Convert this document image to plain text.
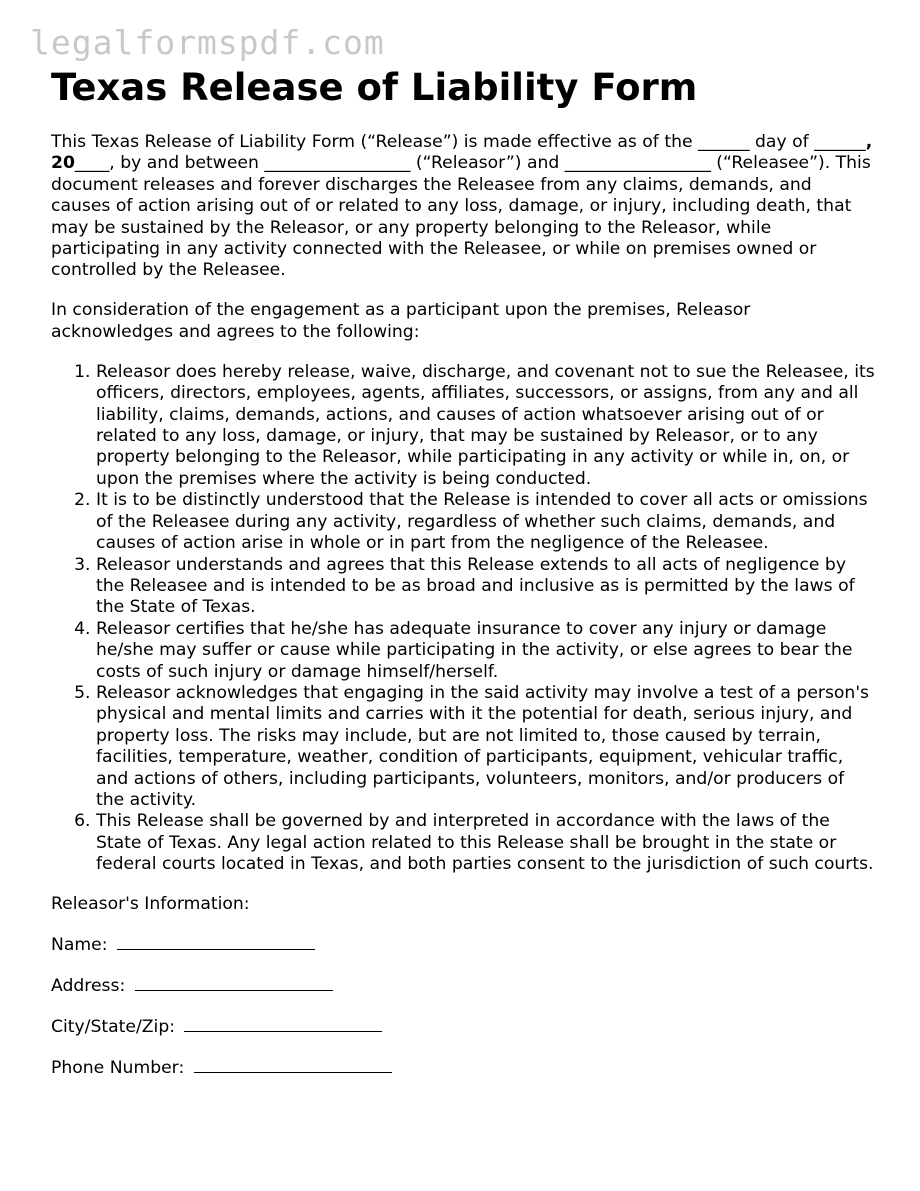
legalformspdf.com
Texas Release of Liability Form

This Texas Release of Liability Form (“Release”) is made effective as of the ______ day of ______, 20____, by and between _________________ (“Releasor”) and _________________ (“Releasee”). This document releases and forever discharges the Releasee from any claims, demands, and causes of action arising out of or related to any loss, damage, or injury, including death, that may be sustained by the Releasor, or any property belonging to the Releasor, while participating in any activity connected with the Releasee, or while on premises owned or controlled by the Releasee.

In consideration of the engagement as a participant upon the premises, Releasor acknowledges and agrees to the following:

1. Releasor does hereby release, waive, discharge, and covenant not to sue the Releasee, its officers, directors, employees, agents, affiliates, successors, or assigns, from any and all liability, claims, demands, actions, and causes of action whatsoever arising out of or related to any loss, damage, or injury, that may be sustained by Releasor, or to any property belonging to the Releasor, while participating in any activity or while in, on, or upon the premises where the activity is being conducted.
2. It is to be distinctly understood that the Release is intended to cover all acts or omissions of the Releasee during any activity, regardless of whether such claims, demands, and causes of action arise in whole or in part from the negligence of the Releasee.
3. Releasor understands and agrees that this Release extends to all acts of negligence by the Releasee and is intended to be as broad and inclusive as is permitted by the laws of the State of Texas.
4. Releasor certifies that he/she has adequate insurance to cover any injury or damage he/she may suffer or cause while participating in the activity, or else agrees to bear the costs of such injury or damage himself/herself.
5. Releasor acknowledges that engaging in the said activity may involve a test of a person's physical and mental limits and carries with it the potential for death, serious injury, and property loss. The risks may include, but are not limited to, those caused by terrain, facilities, temperature, weather, condition of participants, equipment, vehicular traffic, and actions of others, including participants, volunteers, monitors, and/or producers of the activity.
6. This Release shall be governed by and interpreted in accordance with the laws of the State of Texas. Any legal action related to this Release shall be brought in the state or federal courts located in Texas, and both parties consent to the jurisdiction of such courts.
Releasor's Information:
Name:
Address:
City/State/Zip:
Phone Number:
